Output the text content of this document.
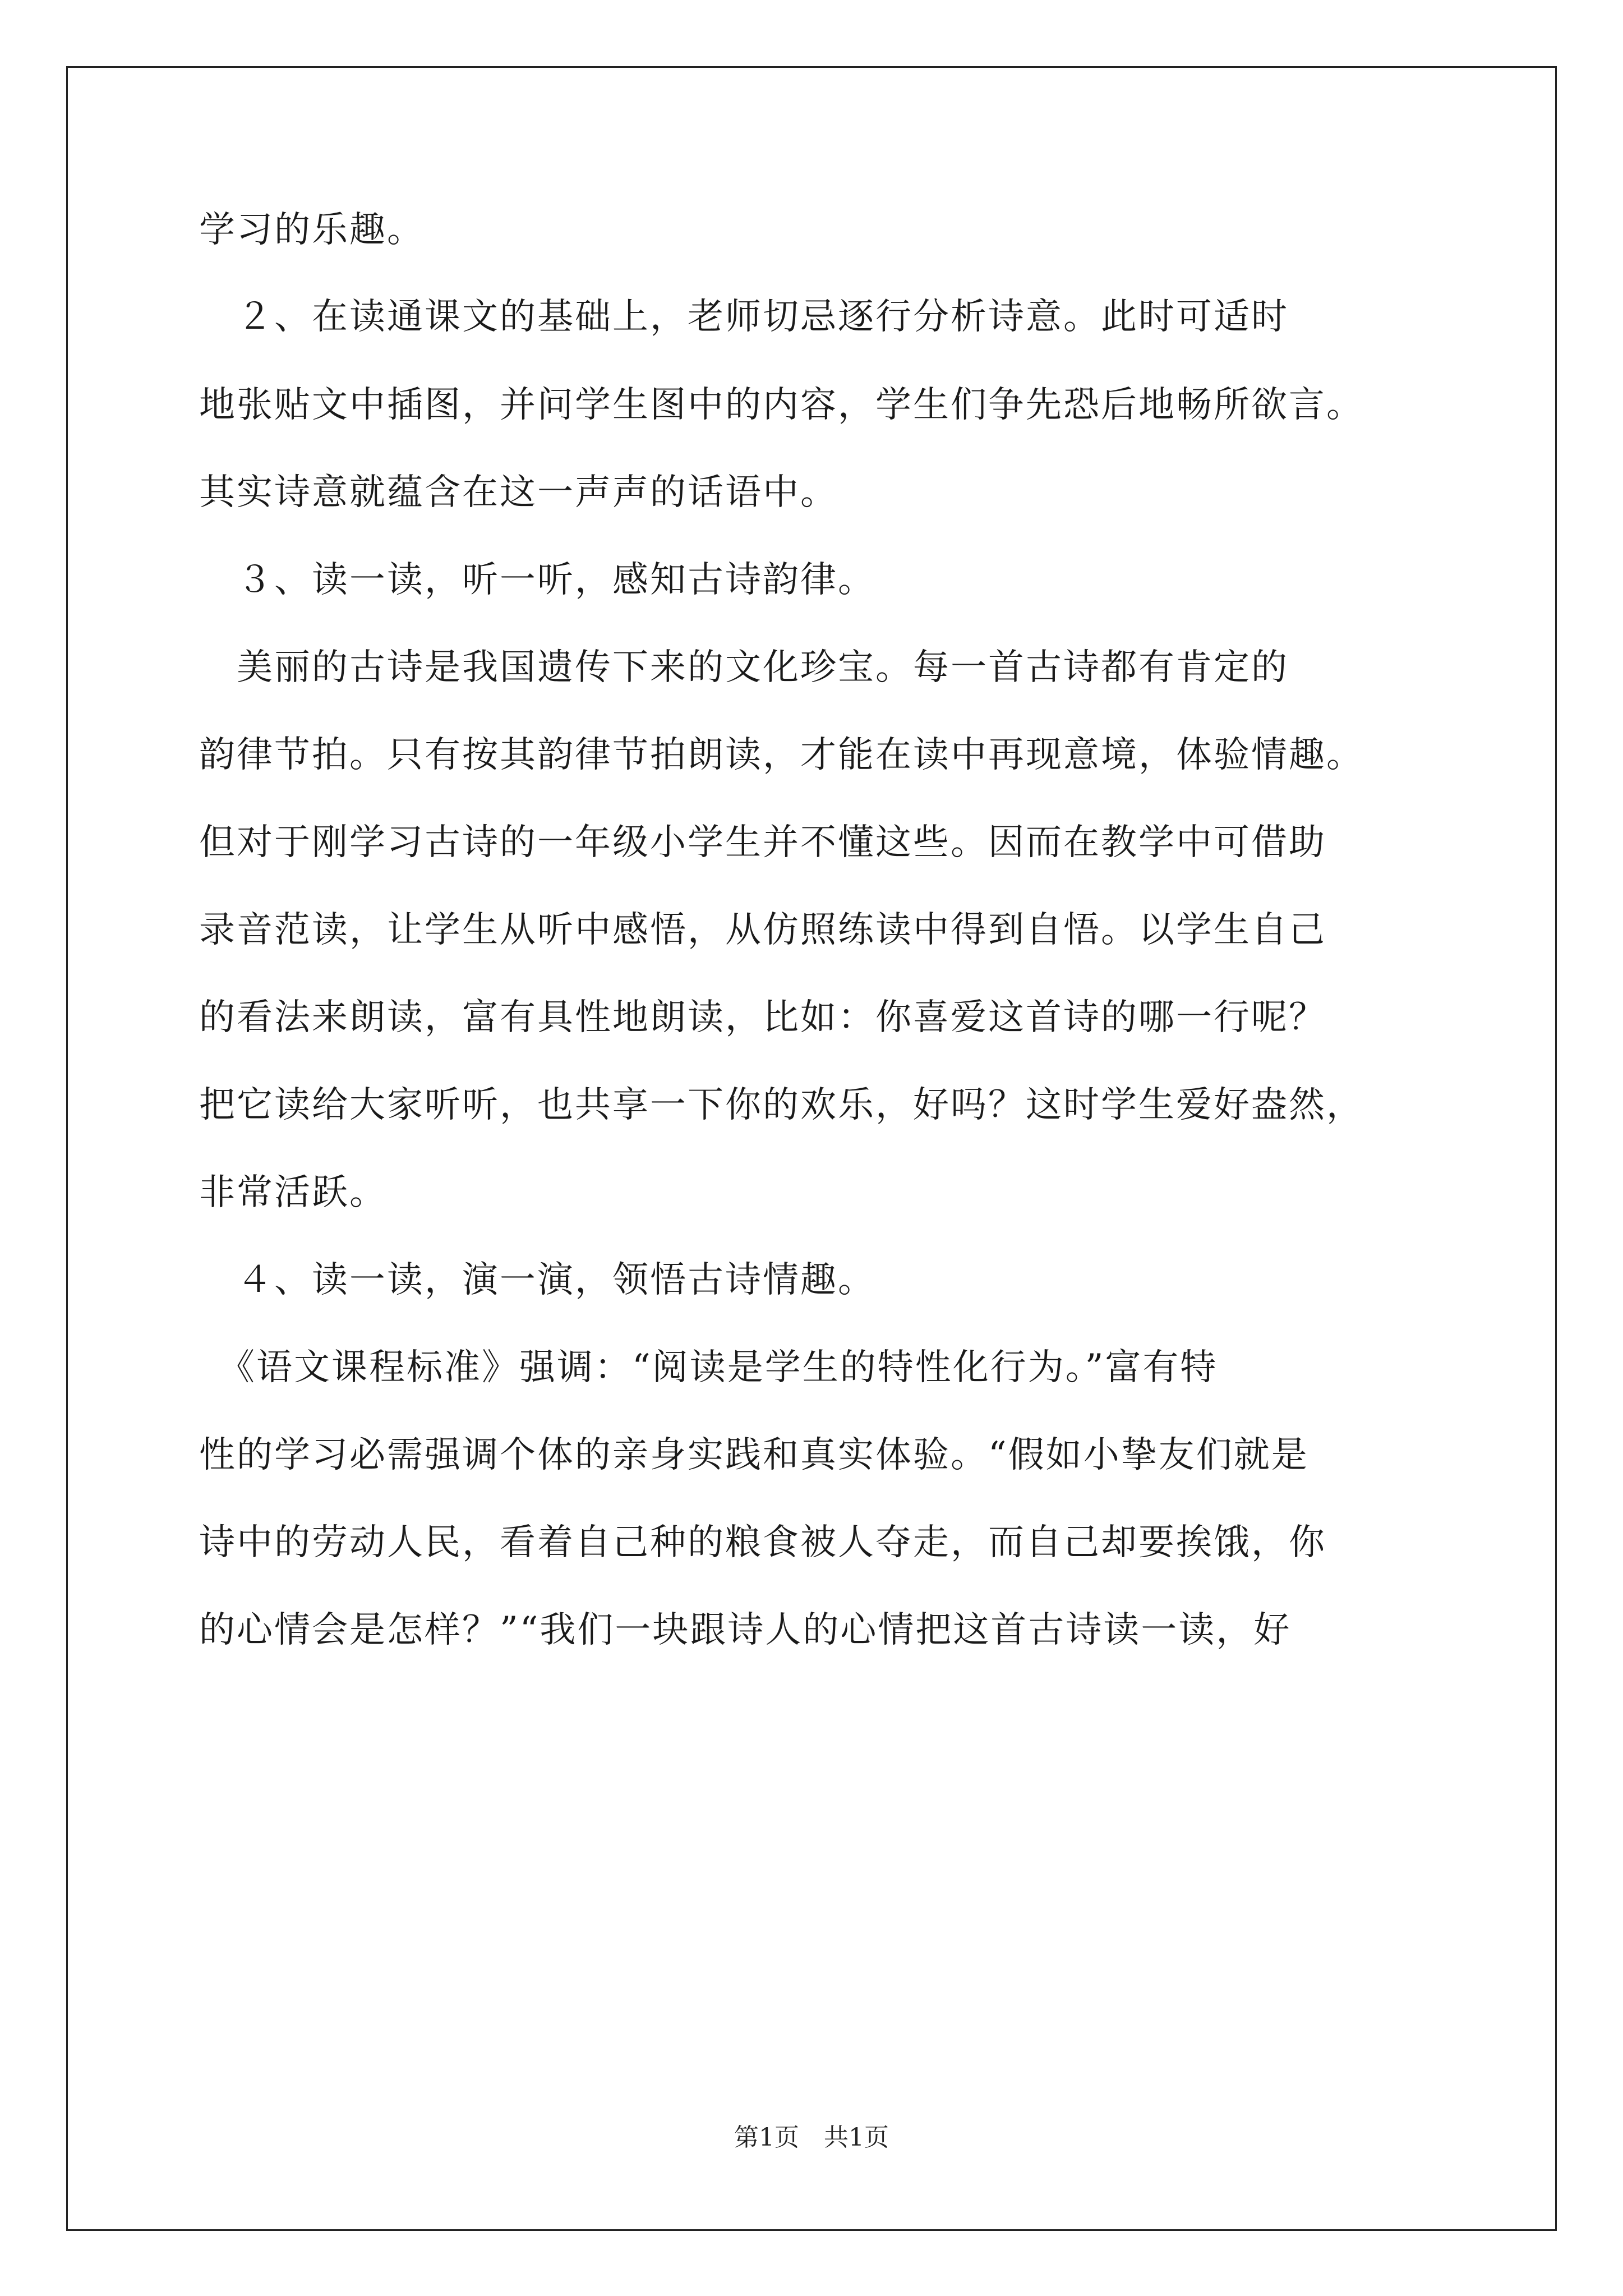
学习的乐趣。
　２、在读通课文的基础上，老师切忌逐行分析诗意。此时可适时
地张贴文中插图，并问学生图中的内容，学生们争先恐后地畅所欲言。
其实诗意就蕴含在这一声声的话语中。
　３、读一读，听一听，感知古诗韵律。
　美丽的古诗是我国遗传下来的文化珍宝。每一首古诗都有肯定的
韵律节拍。只有按其韵律节拍朗读，才能在读中再现意境，体验情趣。
但对于刚学习古诗的一年级小学生并不懂这些。因而在教学中可借助
录音范读，让学生从听中感悟，从仿照练读中得到自悟。以学生自己
的看法来朗读，富有具性地朗读，比如：你喜爱这首诗的哪一行呢？
把它读给大家听听，也共享一下你的欢乐，好吗？这时学生爱好盎然，
非常活跃。
　４、读一读，演一演，领悟古诗情趣。
　《语文课程标准》强调：“阅读是学生的特性化行为。”富有特
性的学习必需强调个体的亲身实践和真实体验。“假如小挚友们就是
诗中的劳动人民，看着自己种的粮食被人夺走，而自己却要挨饿，你
的心情会是怎样？”“我们一块跟诗人的心情把这首古诗读一读，好
第1页　共1页
